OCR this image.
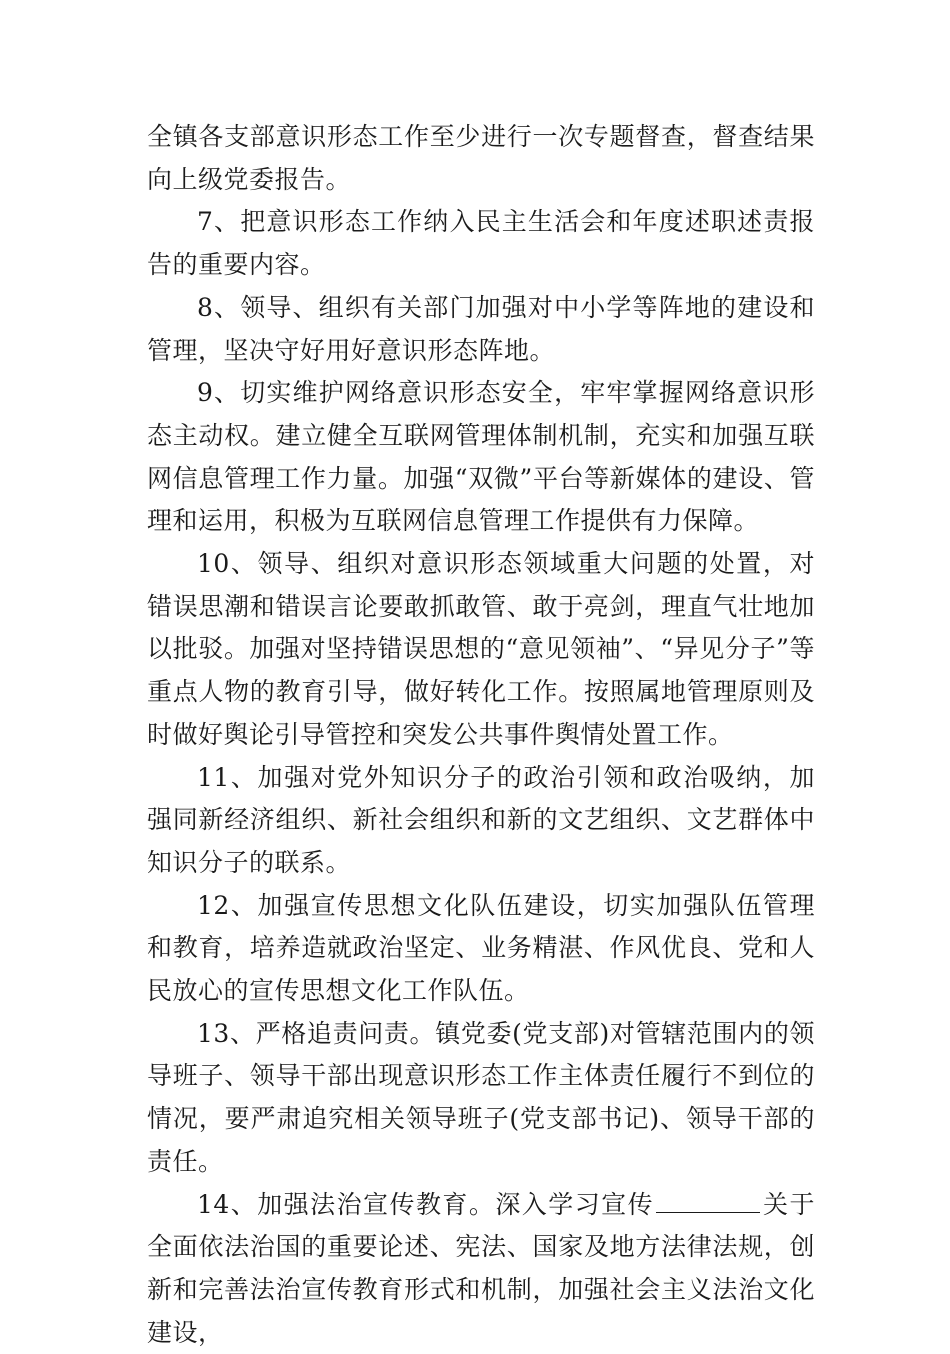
全镇各支部意识形态工作至少进行一次专题督查，督查结果向上级党委报告。

7、把意识形态工作纳入民主生活会和年度述职述责报告的重要内容。

8、领导、组织有关部门加强对中小学等阵地的建设和管理，坚决守好用好意识形态阵地。

9、切实维护网络意识形态安全，牢牢掌握网络意识形态主动权。建立健全互联网管理体制机制，充实和加强互联网信息管理工作力量。加强“双微”平台等新媒体的建设、管理和运用，积极为互联网信息管理工作提供有力保障。

10、领导、组织对意识形态领域重大问题的处置，对错误思潮和错误言论要敢抓敢管、敢于亮剑，理直气壮地加以批驳。加强对坚持错误思想的“意见领袖”、“异见分子”等重点人物的教育引导，做好转化工作。按照属地管理原则及时做好舆论引导管控和突发公共事件舆情处置工作。

11、加强对党外知识分子的政治引领和政治吸纳，加强同新经济组织、新社会组织和新的文艺组织、文艺群体中知识分子的联系。

12、加强宣传思想文化队伍建设，切实加强队伍管理和教育，培养造就政治坚定、业务精湛、作风优良、党和人民放心的宣传思想文化工作队伍。

13、严格追责问责。镇党委(党支部)对管辖范围内的领导班子、领导干部出现意识形态工作主体责任履行不到位的情况，要严肃追究相关领导班子(党支部书记)、领导干部的责任。

14、加强法治宣传教育。深入学习宣传	关于全面依法治国的重要论述、宪法、国家及地方法律法规，创新和完善法治宣传教育形式和机制，加强社会主义法治文化建设，
